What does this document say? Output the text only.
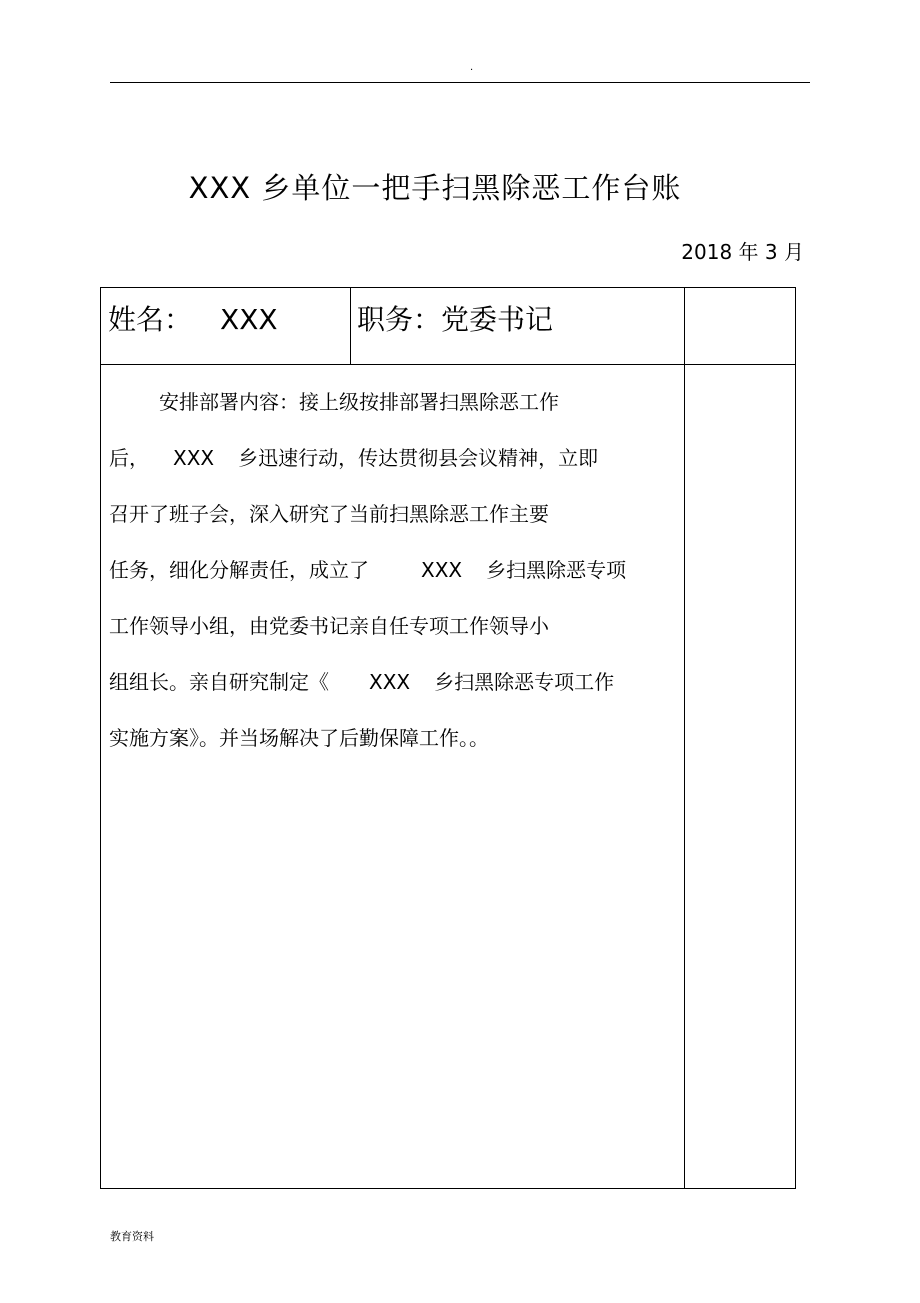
.
XXX 乡单位一把手扫黑除恶工作台账
2018 年 3 月
姓名： XXX	职务：党委书记
安排部署内容：接上级按排部署扫黑除恶工作
后， XXX 乡迅速行动，传达贯彻县会议精神，立即
召开了班子会，深入研究了当前扫黑除恶工作主要
任务，细化分解责任，成立了	XXX 乡扫黑除恶专项
工作领导小组，由党委书记亲自任专项工作领导小
组组长。亲自研究制定《 XXX 乡扫黑除恶专项工作
实施方案》。并当场解决了后勤保障工作。。
教育资料
